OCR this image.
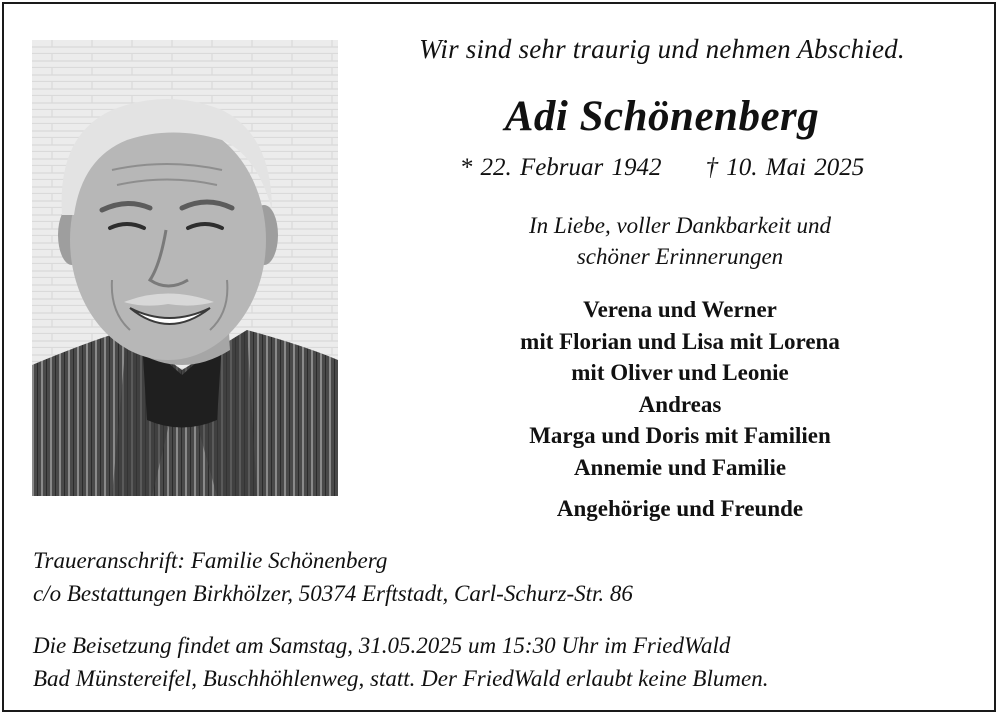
Wir sind sehr traurig und nehmen Abschied.
Adi Schönenberg
* 22. Februar 1942 † 10. Mai 2025
In Liebe, voller Dankbarkeit und
schöner Erinnerungen
Verena und Werner
mit Florian und Lisa mit Lorena
mit Oliver und Leonie
Andreas
Marga und Doris mit Familien
Annemie und Familie
Angehörige und Freunde
Traueranschrift: Familie Schönenberg
c/o Bestattungen Birkhölzer, 50374 Erftstadt, Carl-Schurz-Str. 86
Die Beisetzung findet am Samstag, 31.05.2025 um 15:30 Uhr im FriedWald
Bad Münstereifel, Buschhöhlenweg, statt. Der FriedWald erlaubt keine Blumen.
